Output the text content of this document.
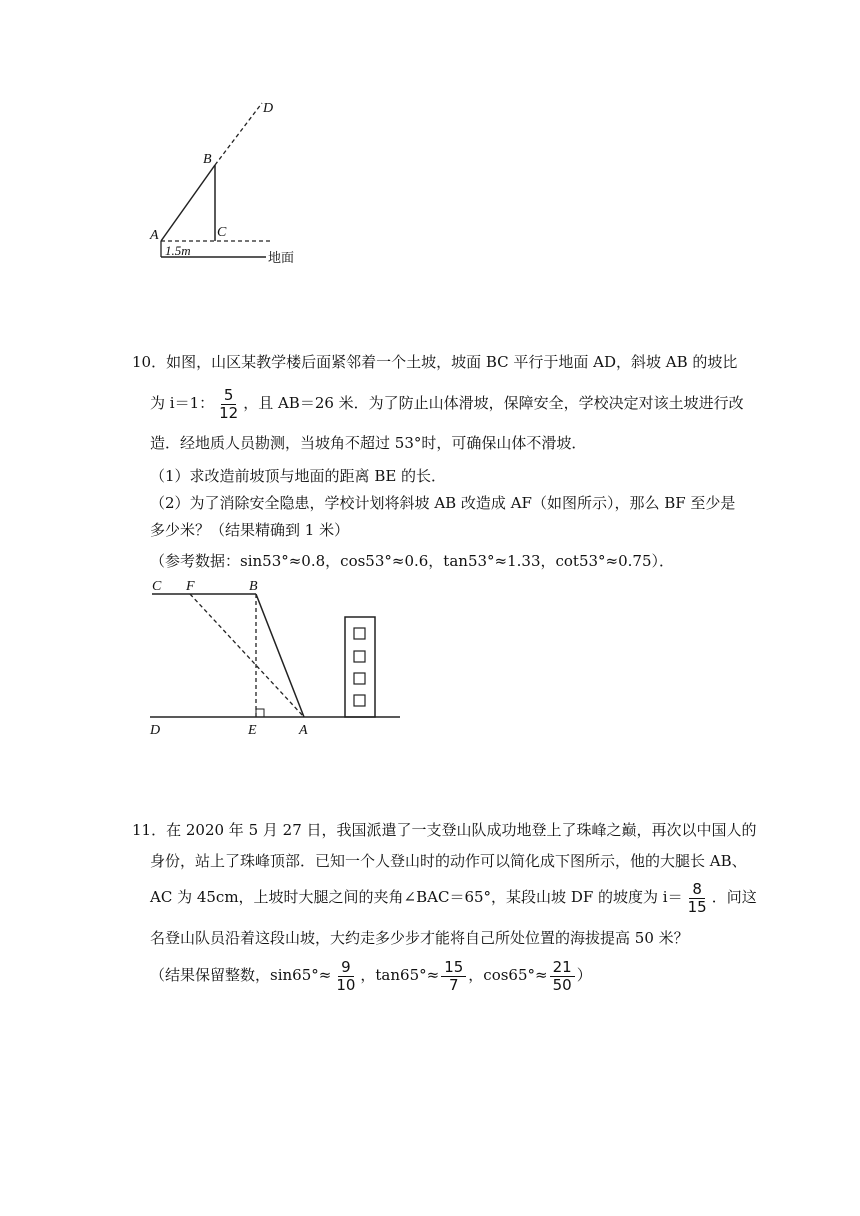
D
B
A	C
1.5m
地面
10．如图，山区某教学楼后面紧邻着一个土坡，坡面 BC 平行于地面 AD，斜坡 AB 的坡比
为 i＝1： $\frac{5}{12}$ ，且 AB＝26 米．为了防止山体滑坡，保障安全，学校决定对该土坡进行改
造．经地质人员勘测，当坡角不超过 53°时，可确保山体不滑坡．
（1）求改造前坡顶与地面的距离 BE 的长．
（2）为了消除安全隐患，学校计划将斜坡 AB 改造成 AF（如图所示），那么 BF 至少是
多少米？（结果精确到 1 米）
（参考数据：sin53°≈0.8，cos53°≈0.6，tan53°≈1.33，cot53°≈0.75）．
C F	B
D	E	A
11．在 2020 年 5 月 27 日，我国派遣了一支登山队成功地登上了珠峰之巅，再次以中国人的
身份，站上了珠峰顶部．已知一个人登山时的动作可以简化成下图所示，他的大腿长 AB、
AC 为 45cm，上坡时大腿之间的夹角∠BAC＝65°，某段山坡 DF 的坡度为 $i= \frac{8}{15}$ ．问这
名登山队员沿着这段山坡，大约走多少步才能将自己所处位置的海拔提高 50 米？
（结果保留整数，$\sin 65^\circ\approx \frac{9}{10}$ ，$\tan 65^\circ\approx \frac{15}{7}$ ，$\cos 65^\circ\approx \frac{21}{50}$ ）
